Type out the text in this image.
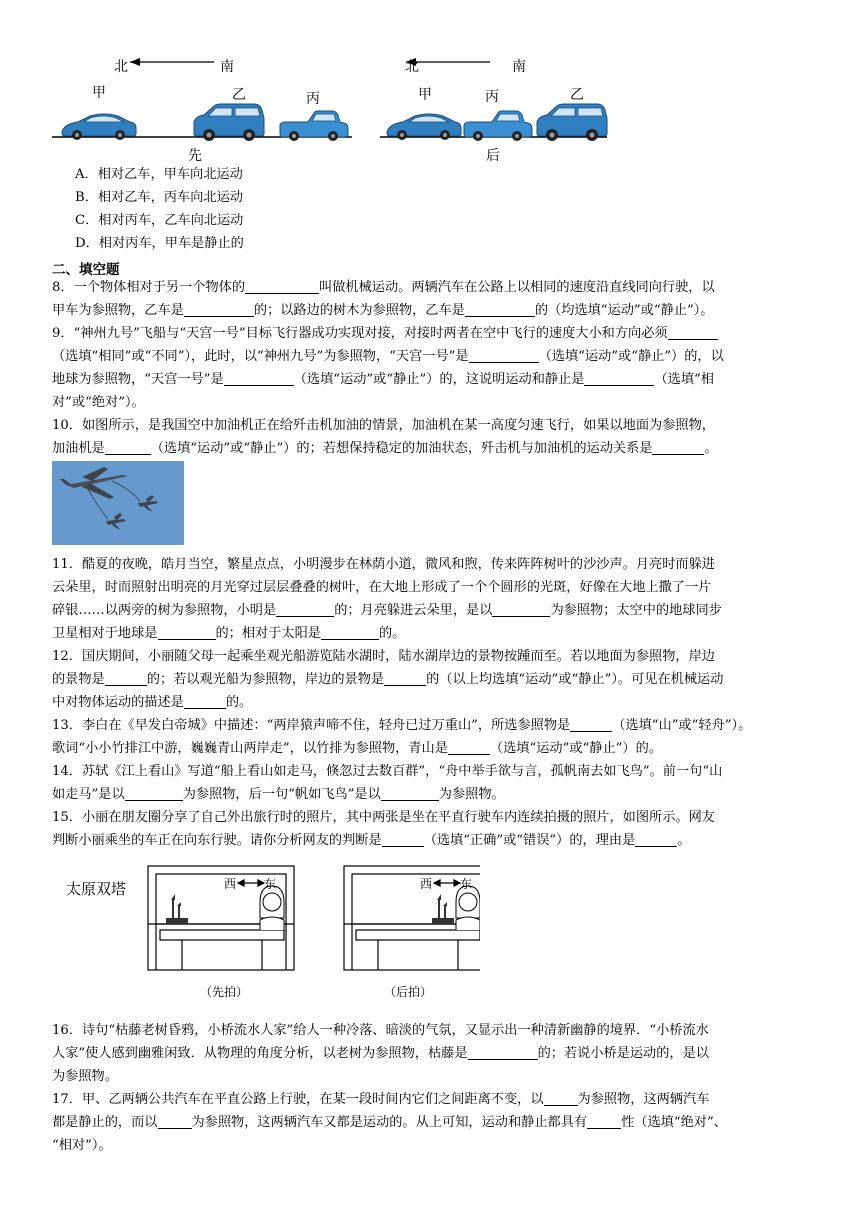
北	南
甲	乙	丙
先
北	南
甲	丙	乙
后

A．相对乙车，甲车向北运动

B．相对乙车，丙车向北运动

C．相对丙车，乙车向北运动

D．相对丙车，甲车是静止的

二、填空题

8．一个物体相对于另一个物体的	叫做机械运动。两辆汽车在公路上以相同的速度沿直线同向行驶，以
甲车为参照物，乙车是	的；以路边的树木为参照物，乙车是	的（均选填“运动”或“静止”）。

9．“神州九号”飞船与“天宫一号”目标飞行器成功实现对接，对接时两者在空中飞行的速度大小和方向必须
（选填“相同”或“不同”），此时，以“神州九号”为参照物，“天宫一号”是	（选填“运动”或“静止”）的，以
地球为参照物，“天宫一号”是	（选填“运动”或“静止”）的，这说明运动和静止是	（选填“相
对”或“绝对”）。

10．如图所示，是我国空中加油机正在给歼击机加油的情景，加油机在某一高度匀速飞行，如果以地面为参照物，
加油机是	（选填“运动”或“静止”）的；若想保持稳定的加油状态，歼击机与加油机的运动关系是	。

11．酷夏的夜晚，皓月当空，繁星点点，小明漫步在林荫小道，微风和煦，传来阵阵树叶的沙沙声。月亮时而躲进
云朵里，时而照射出明亮的月光穿过层层叠叠的树叶，在大地上形成了一个个圆形的光斑，好像在大地上撒了一片
碎银……以两旁的树为参照物，小明是	的；月亮躲进云朵里，是以	为参照物；太空中的地球同步
卫星相对于地球是	的；相对于太阳是	的。

12．国庆期间，小丽随父母一起乘坐观光船游览陆水湖时，陆水湖岸边的景物按踵而至。若以地面为参照物，岸边
的景物是	的；若以观光船为参照物，岸边的景物是	的（以上均选填“运动”或“静止”）。可见在机械运动
中对物体运动的描述是	的。

13．李白在《早发白帝城》中描述：“两岸猿声啼不住，轻舟已过万重山”，所选参照物是	（选填“山”或“轻舟”）。
歌词“小小竹排江中游，巍巍青山两岸走”，以竹排为参照物，青山是	（选填“运动”或“静止”）的。

14．苏轼《江上看山》写道“船上看山如走马，倏忽过去数百群”，“舟中举手欲与言，孤帆南去如飞鸟”。前一句“山
如走马”是以	为参照物，后一句“帆如飞鸟”是以	为参照物。

15．小丽在朋友圈分享了自己外出旅行时的照片，其中两张是坐在平直行驶车内连续拍摄的照片，如图所示。网友
判断小丽乘坐的车正在向东行驶。请你分析网友的判断是	（选填“正确”或“错误”）的，理由是	。

太原双塔	西 东	西 东
（先拍）	（后拍）

16．诗句“枯藤老树昏鸦，小桥流水人家”给人一种冷落、暗淡的气氛，又显示出一种清新幽静的境界．“小桥流水
人家”使人感到幽雅闲致．从物理的角度分析，以老树为参照物，枯藤是	的；若说小桥是运动的，是以
为参照物。

17．甲、乙两辆公共汽车在平直公路上行驶，在某一段时间内它们之间距离不变，以	为参照物，这两辆汽车
都是静止的，而以	为参照物，这两辆汽车又都是运动的。从上可知，运动和静止都具有	性（选填“绝对”、
“相对”）。
